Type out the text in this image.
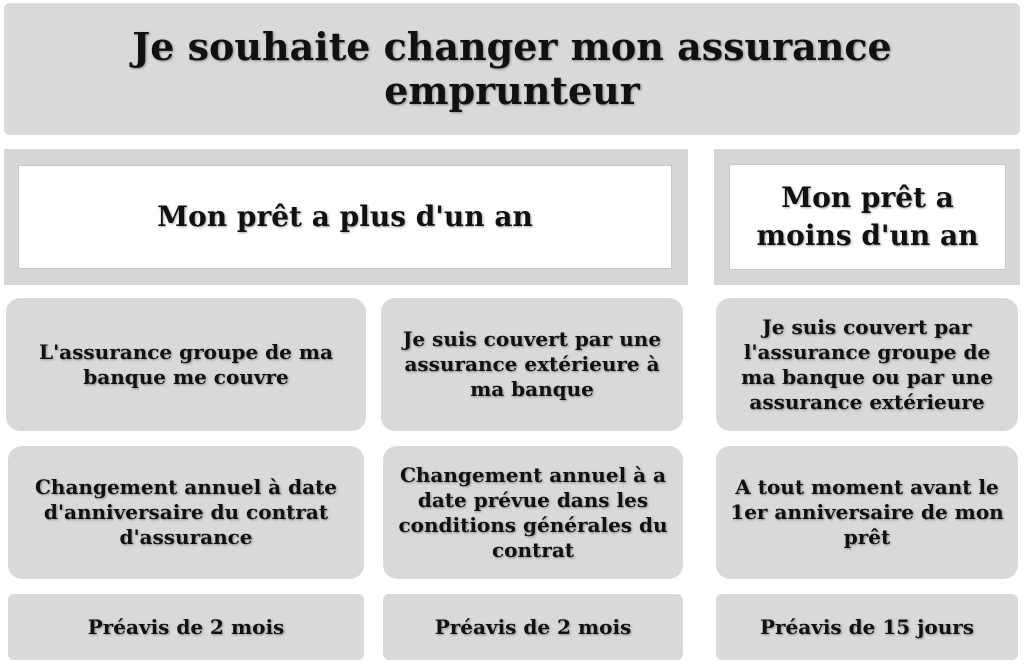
Je souhaite changer mon assurance emprunteur
Mon prêt a plus d'un an
Mon prêt a moins d'un an
L'assurance groupe de ma banque me couvre
Je suis couvert par une assurance extérieure à ma banque
Je suis couvert par l'assurance groupe de ma banque ou par une assurance extérieure
Changement annuel à date d'anniversaire du contrat d'assurance
Changement annuel à a date prévue dans les conditions générales du contrat
A tout moment avant le 1er anniversaire de mon prêt
Préavis de 2 mois	Préavis de 2 mois	Préavis de 15 jours
